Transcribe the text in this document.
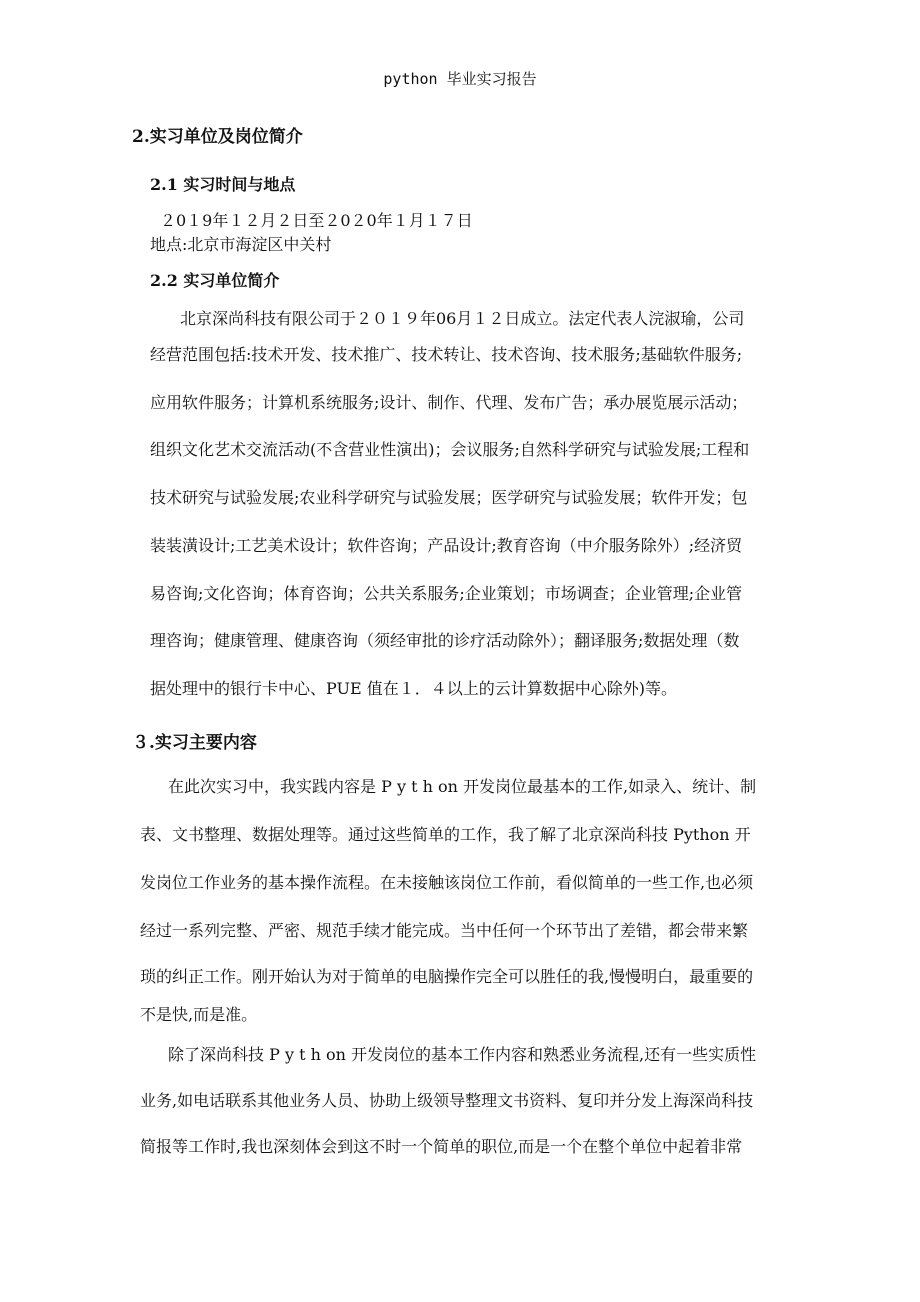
python 毕业实习报告
2.实习单位及岗位简介
2.1 实习时间与地点
２0１9年１２月２日至２0２0年１月１７日
地点:北京市海淀区中关村
2.2 实习单位简介
北京深尚科技有限公司于２０１９年06月１２日成立。法定代表人浣淑瑜，公司
经营范围包括:技术开发、技术推广、技术转让、技术咨询、技术服务;基础软件服务;
应用软件服务；计算机系统服务;设计、制作、代理、发布广告；承办展览展示活动；
组织文化艺术交流活动(不含营业性演出)；会议服务;自然科学研究与试验发展;工程和
技术研究与试验发展;农业科学研究与试验发展；医学研究与试验发展；软件开发；包
装装潢设计;工艺美术设计；软件咨询；产品设计;教育咨询（中介服务除外）;经济贸
易咨询;文化咨询；体育咨询；公共关系服务;企业策划；市场调查；企业管理;企业管
理咨询；健康管理、健康咨询（须经审批的诊疗活动除外）；翻译服务;数据处理（数
据处理中的银行卡中心、PUE 值在１．４以上的云计算数据中心除外)等。
３.实习主要内容
在此次实习中，我实践内容是 P y t h on 开发岗位最基本的工作,如录入、统计、制
表、文书整理、数据处理等。通过这些简单的工作，我了解了北京深尚科技 Python 开
发岗位工作业务的基本操作流程。在未接触该岗位工作前，看似简单的一些工作,也必须
经过一系列完整、严密、规范手续才能完成。当中任何一个环节出了差错，都会带来繁
琐的纠正工作。刚开始认为对于简单的电脑操作完全可以胜任的我,慢慢明白，最重要的
不是快,而是准。
除了深尚科技 P y t h on 开发岗位的基本工作内容和熟悉业务流程,还有一些实质性
业务,如电话联系其他业务人员、协助上级领导整理文书资料、复印并分发上海深尚科技
简报等工作时,我也深刻体会到这不时一个简单的职位,而是一个在整个单位中起着非常
